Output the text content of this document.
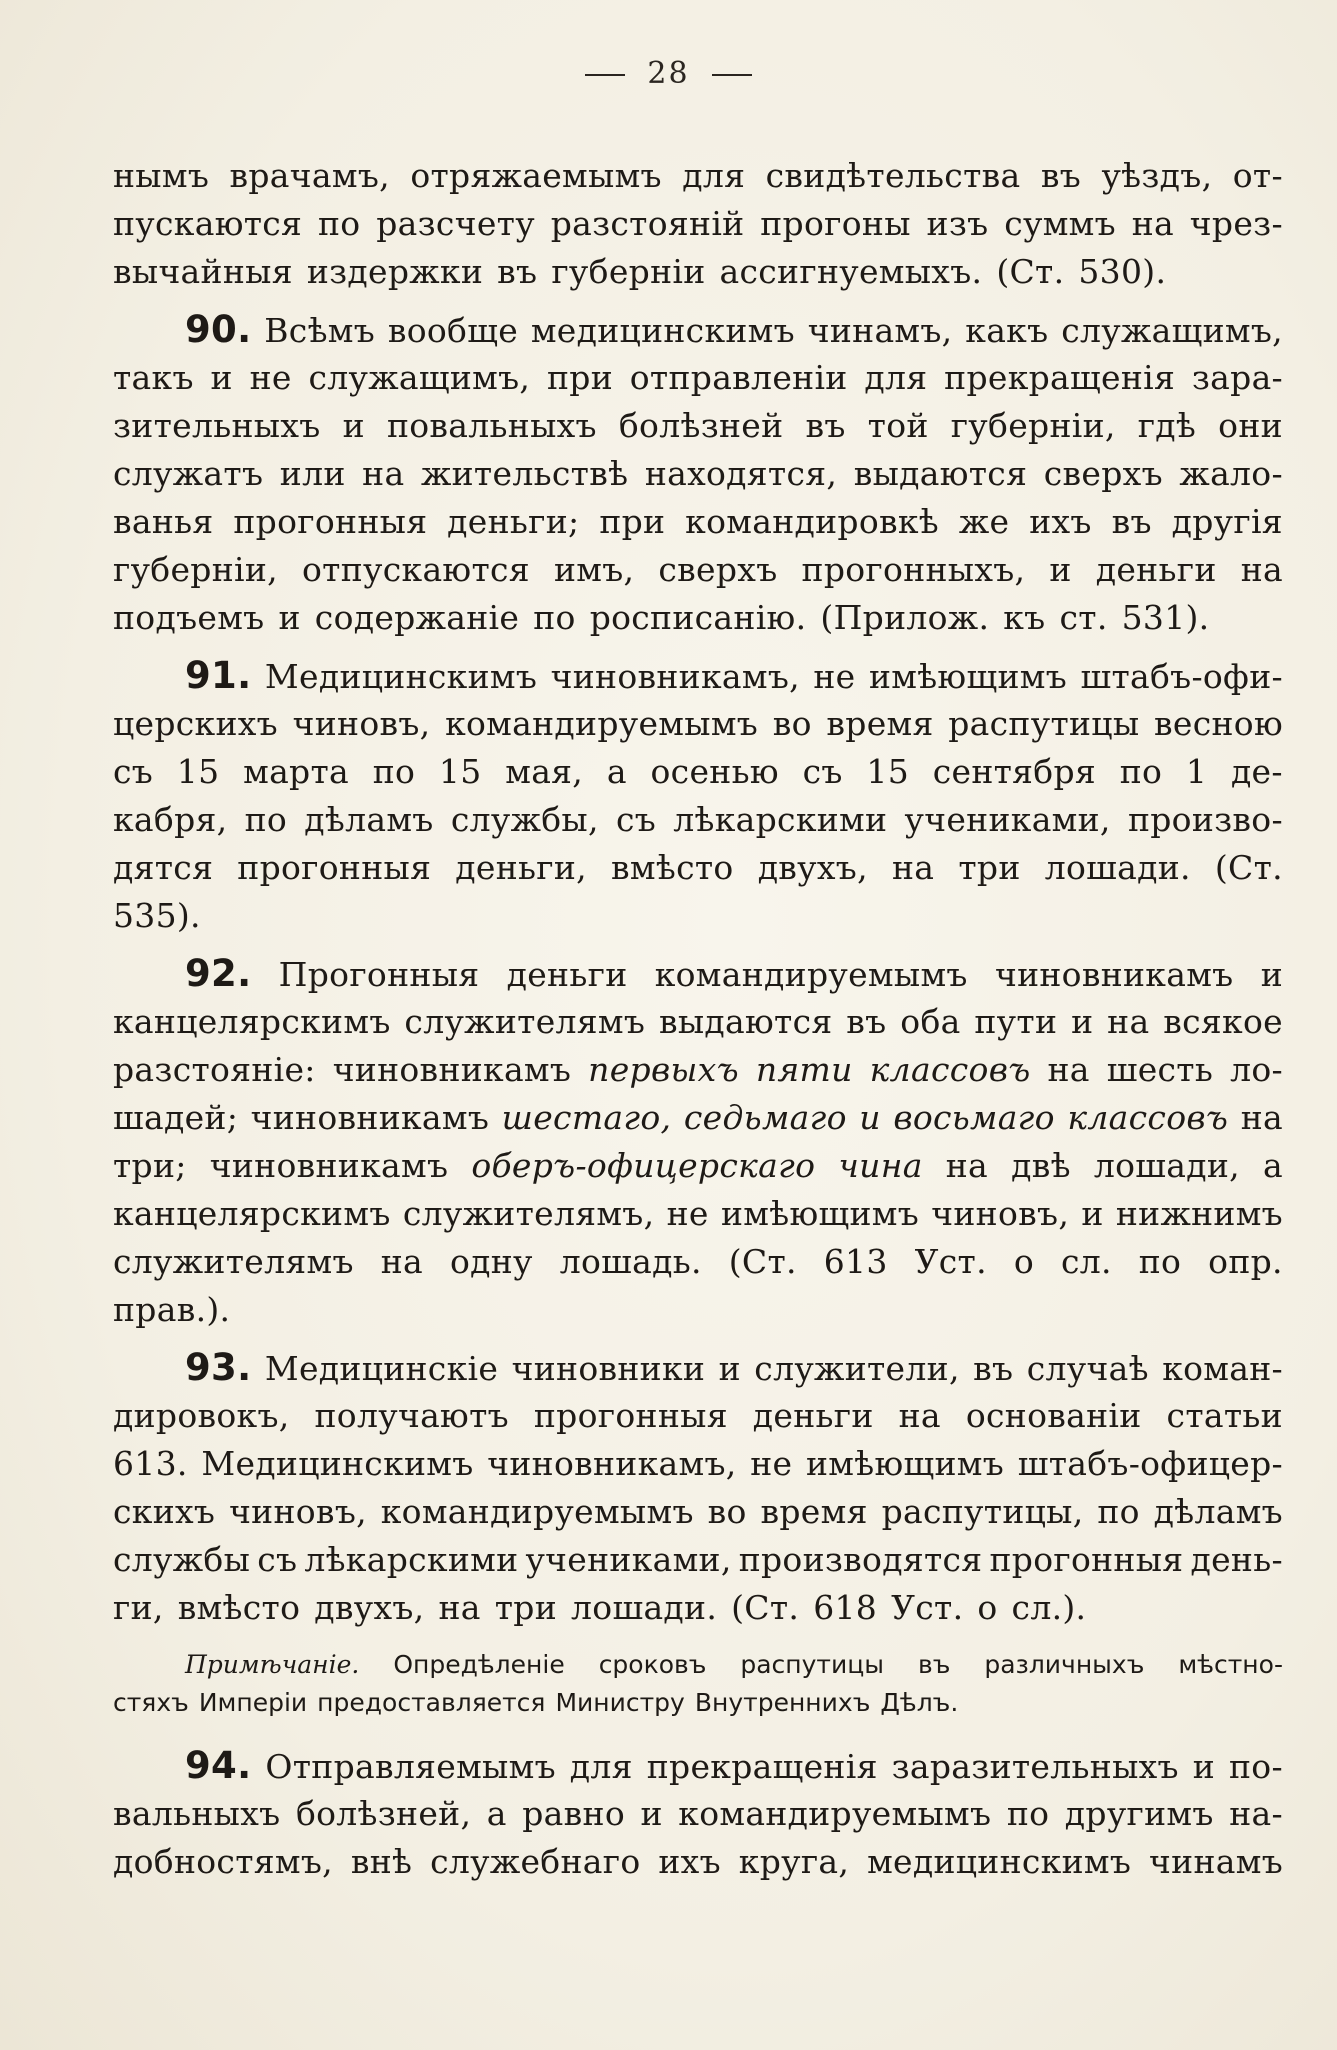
28
нымъ врачамъ, отряжаемымъ для свидѣтельства въ уѣздъ, от-
пускаются по разсчету разстояній прогоны изъ суммъ на чрез-
вычайныя издержки въ губерніи ассигнуемыхъ. (Ст. 530).
90. Всѣмъ вообще медицинскимъ чинамъ, какъ служащимъ,
такъ и не служащимъ, при отправленіи для прекращенія зара-
зительныхъ и повальныхъ болѣзней въ той губерніи, гдѣ они
служатъ или на жительствѣ находятся, выдаются сверхъ жало-
ванья прогонныя деньги; при командировкѣ же ихъ въ другія
губерніи, отпускаются имъ, сверхъ прогонныхъ, и деньги на
подъемъ и содержаніе по росписанію. (Прилож. къ ст. 531).
91. Медицинскимъ чиновникамъ, не имѣющимъ штабъ-офи-
церскихъ чиновъ, командируемымъ во время распутицы весною
съ 15 марта по 15 мая, а осенью съ 15 сентября по 1 де-
кабря, по дѣламъ службы, съ лѣкарскими учениками, произво-
дятся прогонныя деньги, вмѣсто двухъ, на три лошади. (Ст.
535).
92. Прогонныя деньги командируемымъ чиновникамъ и
канцелярскимъ служителямъ выдаются въ оба пути и на всякое
разстояніе: чиновникамъ первыхъ пяти классовъ на шесть ло-
шадей; чиновникамъ шестаго, седьмаго и восьмаго классовъ на
три; чиновникамъ оберъ-офицерскаго чина на двѣ лошади, а
канцелярскимъ служителямъ, не имѣющимъ чиновъ, и нижнимъ
служителямъ на одну лошадь. (Ст. 613 Уст. о сл. по опр.
прав.).
93. Медицинскіе чиновники и служители, въ случаѣ коман-
дировокъ, получаютъ прогонныя деньги на основаніи статьи
613. Медицинскимъ чиновникамъ, не имѣющимъ штабъ-офицер-
скихъ чиновъ, командируемымъ во время распутицы, по дѣламъ
службы съ лѣкарскими учениками, производятся прогонныя день-
ги, вмѣсто двухъ, на три лошади. (Ст. 618 Уст. о сл.).
Примѣчаніе. Опредѣленіе сроковъ распутицы въ различныхъ мѣстно-
стяхъ Имперіи предоставляется Министру Внутреннихъ Дѣлъ.
94. Отправляемымъ для прекращенія заразительныхъ и по-
вальныхъ болѣзней, а равно и командируемымъ по другимъ на-
добностямъ, внѣ служебнаго ихъ круга, медицинскимъ чинамъ
